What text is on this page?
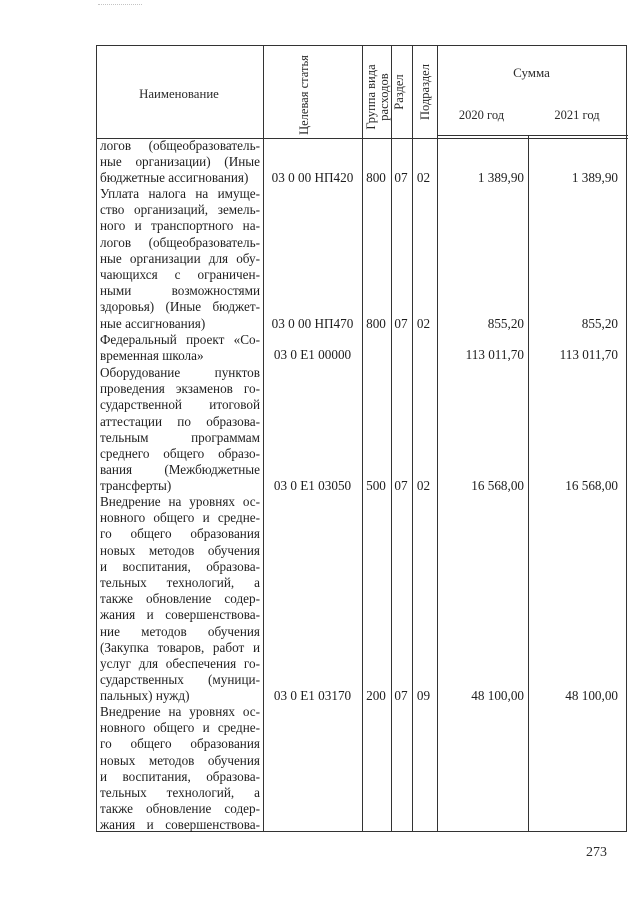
Наименование	Целевая статья	Группа вида расходов Раздел Подраздел	Сумма
2020 год	2021 год
логов (общеобразователь-
ные организации) (Иные
бюджетные ассигнования)	03 0 00 НП420 800 07 02	1 389,90	1 389,90
Уплата налога на имуще-
ство организаций, земель-
ного и транспортного на-
логов (общеобразователь-
ные организации для обу-
чающихся с ограничен-
ными возможностями
здоровья) (Иные бюджет-
ные ассигнования)	03 0 00 НП470 800 07 02	855,20	855,20
Федеральный проект «Со-
временная школа»	03 0 E1 00000	113 011,70	113 011,70
Оборудование пунктов
проведения экзаменов го-
сударственной итоговой
аттестации по образова-
тельным программам
среднего общего образо-
вания (Межбюджетные
трансферты)	03 0 E1 03050	500 07 02	16 568,00	16 568,00
Внедрение на уровнях ос-
новного общего и средне-
го общего образования
новых методов обучения
и воспитания, образова-
тельных технологий, а
также обновление содер-
жания и совершенствова-
ние методов обучения
(Закупка товаров, работ и
услуг для обеспечения го-
сударственных (муници-
пальных) нужд)	03 0 E1 03170	200 07 09	48 100,00	48 100,00
Внедрение на уровнях ос-
новного общего и средне-
го общего образования
новых методов обучения
и воспитания, образова-
тельных технологий, а
также обновление содер-
жания и совершенствова-
273
